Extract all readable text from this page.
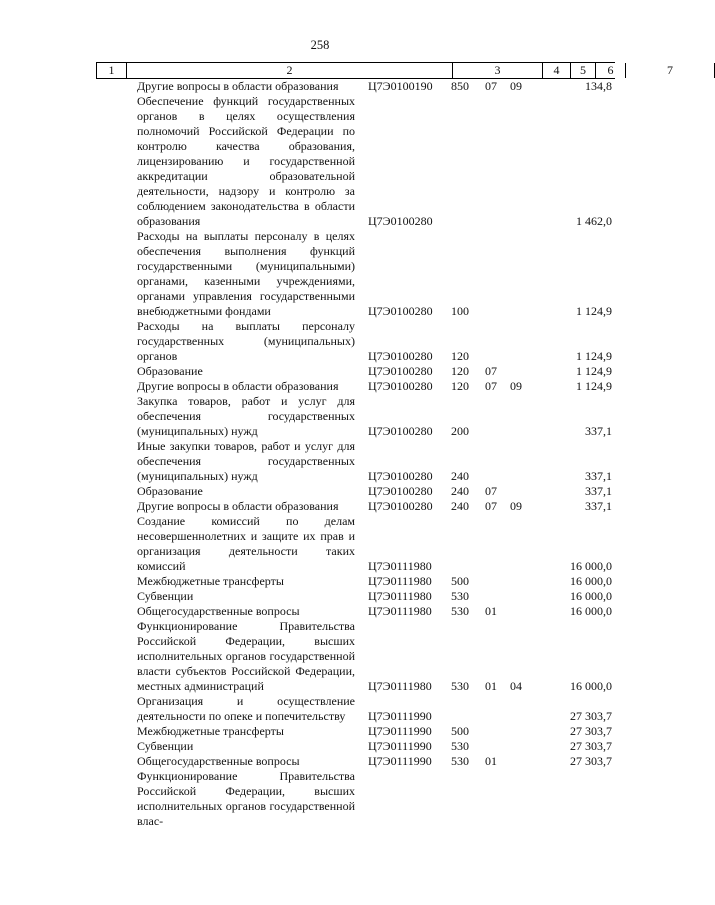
258
1	2	3	4	5	6	7
Другие вопросы в области образования	Ц7Э0100190 850 07 09	134,8
Обеспечение функций государственных органов в целях осуществления полномочий Российской Федерации по контролю качества образования, лицензированию и государственной аккредитации образовательной деятельности, надзору и контролю за соблюдением законодательства в области образования	Ц7Э0100280	1 462,0
Расходы на выплаты персоналу в целях обеспечения выполнения функций государственными (муниципальными) органами, казенными учреждениями, органами управления государственными внебюджетными фондами	Ц7Э0100280 100	1 124,9
Расходы на выплаты персоналу государственных (муниципальных) органов	Ц7Э0100280 120	1 124,9
Образование	Ц7Э0100280 120 07	1 124,9
Другие вопросы в области образования	Ц7Э0100280 120 07 09	1 124,9
Закупка товаров, работ и услуг для обеспечения государственных (муниципальных) нужд	Ц7Э0100280 200	337,1
Иные закупки товаров, работ и услуг для обеспечения государственных (муниципальных) нужд	Ц7Э0100280 240	337,1
Образование	Ц7Э0100280 240 07	337,1
Другие вопросы в области образования	Ц7Э0100280 240 07 09	337,1
Создание комиссий по делам несовершеннолетних и защите их прав и организация деятельности таких комиссий	Ц7Э0111980	16 000,0
Межбюджетные трансферты	Ц7Э0111980 500	16 000,0
Субвенции	Ц7Э0111980 530	16 000,0
Общегосударственные вопросы	Ц7Э0111980 530 01	16 000,0
Функционирование Правительства Российской Федерации, высших исполнительных органов государственной власти субъектов Российской Федерации, местных администраций	Ц7Э0111980 530 01 04	16 000,0
Организация и осуществление деятельности по опеке и попечительству	Ц7Э0111990	27 303,7
Межбюджетные трансферты	Ц7Э0111990 500	27 303,7
Субвенции	Ц7Э0111990 530	27 303,7
Общегосударственные вопросы	Ц7Э0111990 530 01	27 303,7
Функционирование Правительства Российской Федерации, высших исполнительных органов государственной влас-
